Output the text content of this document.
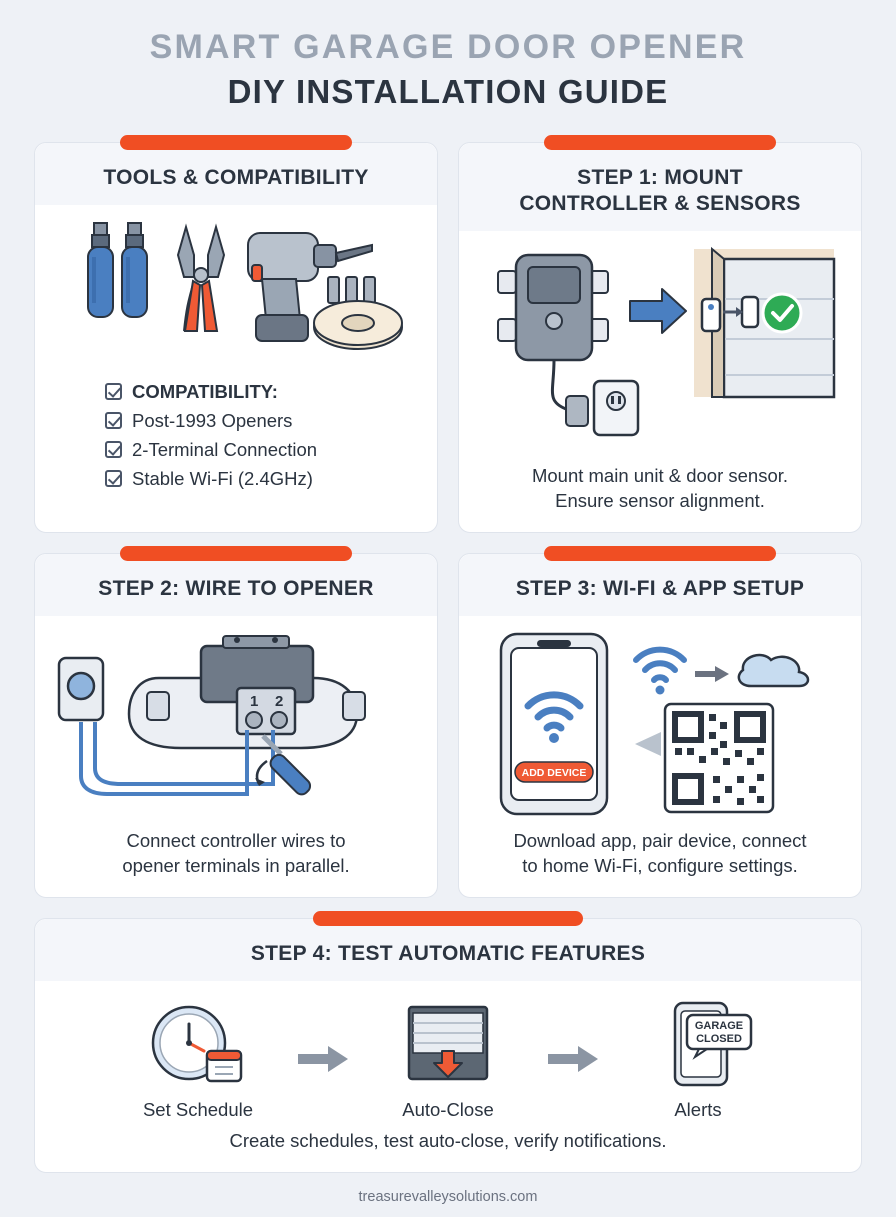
SMART GARAGE DOOR OPENER
DIY INSTALLATION GUIDE
TOOLS & COMPATIBILITY
COMPATIBILITY:
Post-1993 Openers
2-Terminal Connection
Stable Wi-Fi (2.4GHz)
STEP 1: MOUNT
CONTROLLER & SENSORS
Mount main unit & door sensor.
Ensure sensor alignment.
STEP 2: WIRE TO OPENER
1 2
Connect controller wires to
opener terminals in parallel.
STEP 3: WI-FI & APP SETUP
ADD DEVICE
Download app, pair device, connect
to home Wi-Fi, configure settings.
STEP 4: TEST AUTOMATIC FEATURES
Set Schedule	Auto-Close
GARAGE
CLOSED
Alerts
Create schedules, test auto-close, verify notifications.
treasurevalleysolutions.com
